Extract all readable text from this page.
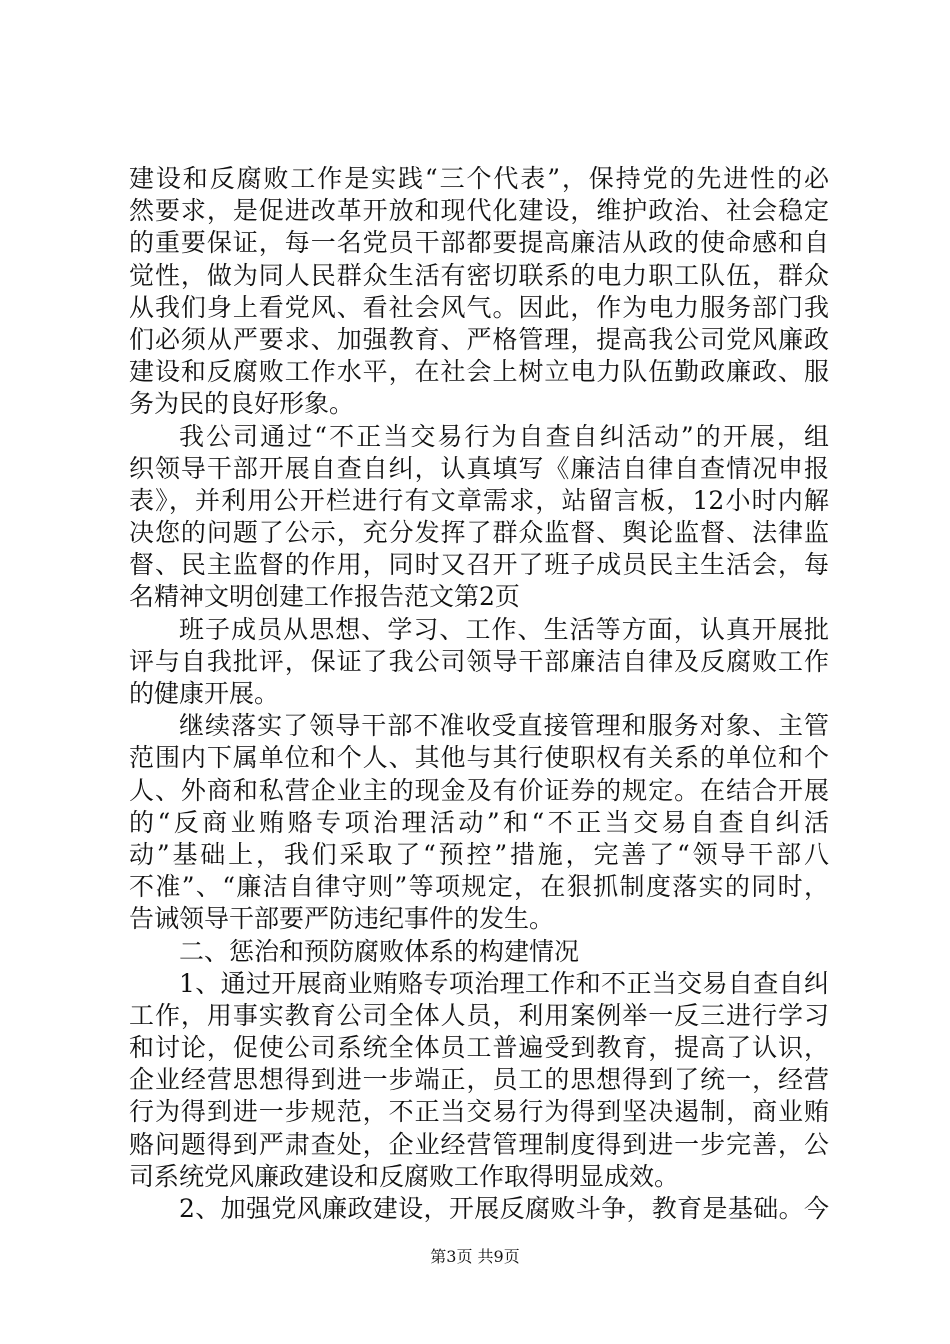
建设和反腐败工作是实践“三个代表”，保持党的先进性的必
然要求，是促进改革开放和现代化建设，维护政治、社会稳定
的重要保证，每一名党员干部都要提高廉洁从政的使命感和自
觉性，做为同人民群众生活有密切联系的电力职工队伍，群众
从我们身上看党风、看社会风气。因此，作为电力服务部门我
们必须从严要求、加强教育、严格管理，提高我公司党风廉政
建设和反腐败工作水平，在社会上树立电力队伍勤政廉政、服
务为民的良好形象。
我公司通过“不正当交易行为自查自纠活动”的开展，组
织领导干部开展自查自纠，认真填写《廉洁自律自查情况申报
表》，并利用公开栏进行有文章需求，站留言板，12小时内解
决您的问题了公示，充分发挥了群众监督、舆论监督、法律监
督、民主监督的作用，同时又召开了班子成员民主生活会，每
名精神文明创建工作报告范文第2页
班子成员从思想、学习、工作、生活等方面，认真开展批
评与自我批评，保证了我公司领导干部廉洁自律及反腐败工作
的健康开展。
继续落实了领导干部不准收受直接管理和服务对象、主管
范围内下属单位和个人、其他与其行使职权有关系的单位和个
人、外商和私营企业主的现金及有价证券的规定。在结合开展
的“反商业贿赂专项治理活动”和“不正当交易自查自纠活
动”基础上，我们采取了“预控”措施，完善了“领导干部八
不准”、“廉洁自律守则”等项规定，在狠抓制度落实的同时，
告诫领导干部要严防违纪事件的发生。
二、惩治和预防腐败体系的构建情况
1、通过开展商业贿赂专项治理工作和不正当交易自查自纠
工作，用事实教育公司全体人员，利用案例举一反三进行学习
和讨论，促使公司系统全体员工普遍受到教育，提高了认识，
企业经营思想得到进一步端正，员工的思想得到了统一，经营
行为得到进一步规范，不正当交易行为得到坚决遏制，商业贿
赂问题得到严肃查处，企业经营管理制度得到进一步完善，公
司系统党风廉政建设和反腐败工作取得明显成效。
2、加强党风廉政建设，开展反腐败斗争，教育是基础。今
第3页 共9页
